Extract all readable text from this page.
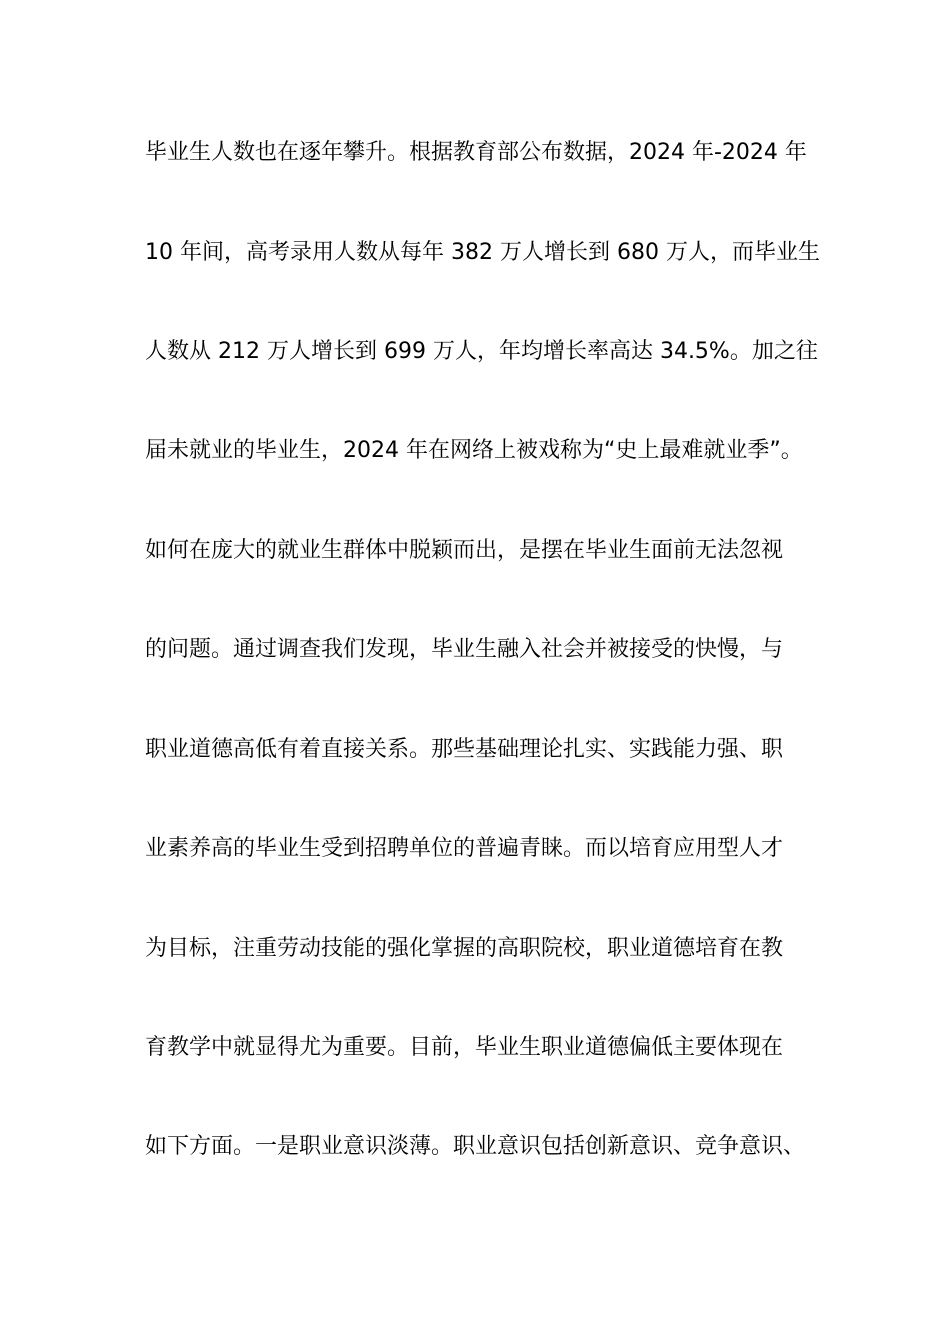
毕业生人数也在逐年攀升。根据教育部公布数据，2024 年-2024 年
10 年间，高考录用人数从每年 382 万人增长到 680 万人，而毕业生
人数从 212 万人增长到 699 万人，年均增长率高达 34.5%。加之往
届未就业的毕业生，2024 年在网络上被戏称为“史上最难就业季”。
如何在庞大的就业生群体中脱颖而出，是摆在毕业生面前无法忽视
的问题。通过调查我们发现，毕业生融入社会并被接受的快慢，与
职业道德高低有着直接关系。那些基础理论扎实、实践能力强、职
业素养高的毕业生受到招聘单位的普遍青睐。而以培育应用型人才
为目标，注重劳动技能的强化掌握的高职院校，职业道德培育在教
育教学中就显得尤为重要。目前，毕业生职业道德偏低主要体现在
如下方面。一是职业意识淡薄。职业意识包括创新意识、竞争意识、
